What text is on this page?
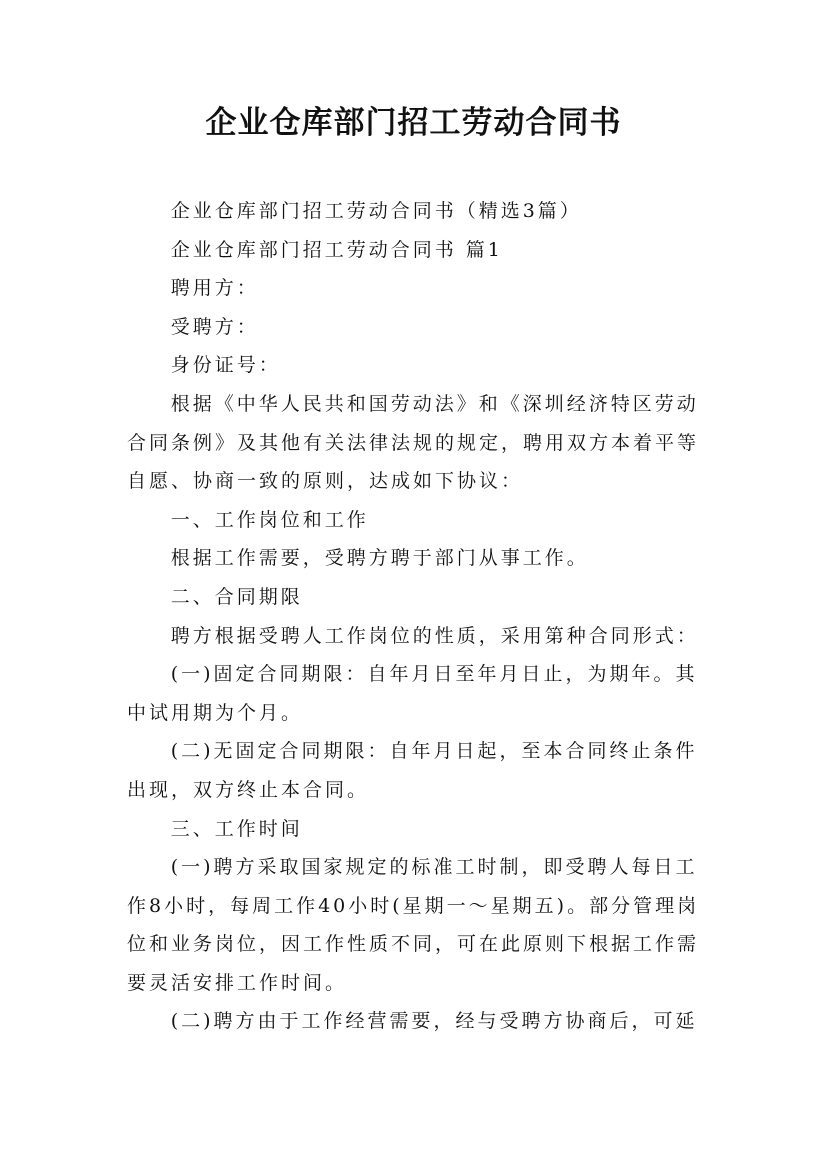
企业仓库部门招工劳动合同书

企业仓库部门招工劳动合同书（精选3篇）

企业仓库部门招工劳动合同书 篇1

聘用方：

受聘方：

身份证号：

根据《中华人民共和国劳动法》和《深圳经济特区劳动合同条例》及其他有关法律法规的规定，聘用双方本着平等自愿、协商一致的原则，达成如下协议：

一、工作岗位和工作

根据工作需要，受聘方聘于部门从事工作。

二、合同期限

聘方根据受聘人工作岗位的性质，采用第种合同形式：

(一)固定合同期限：自年月日至年月日止，为期年。其中试用期为个月。

(二)无固定合同期限：自年月日起，至本合同终止条件出现，双方终止本合同。

三、工作时间

(一)聘方采取国家规定的标准工时制，即受聘人每日工作8小时，每周工作40小时(星期一～星期五)。部分管理岗位和业务岗位，因工作性质不同，可在此原则下根据工作需要灵活安排工作时间。

(二)聘方由于工作经营需要，经与受聘方协商后，可延
